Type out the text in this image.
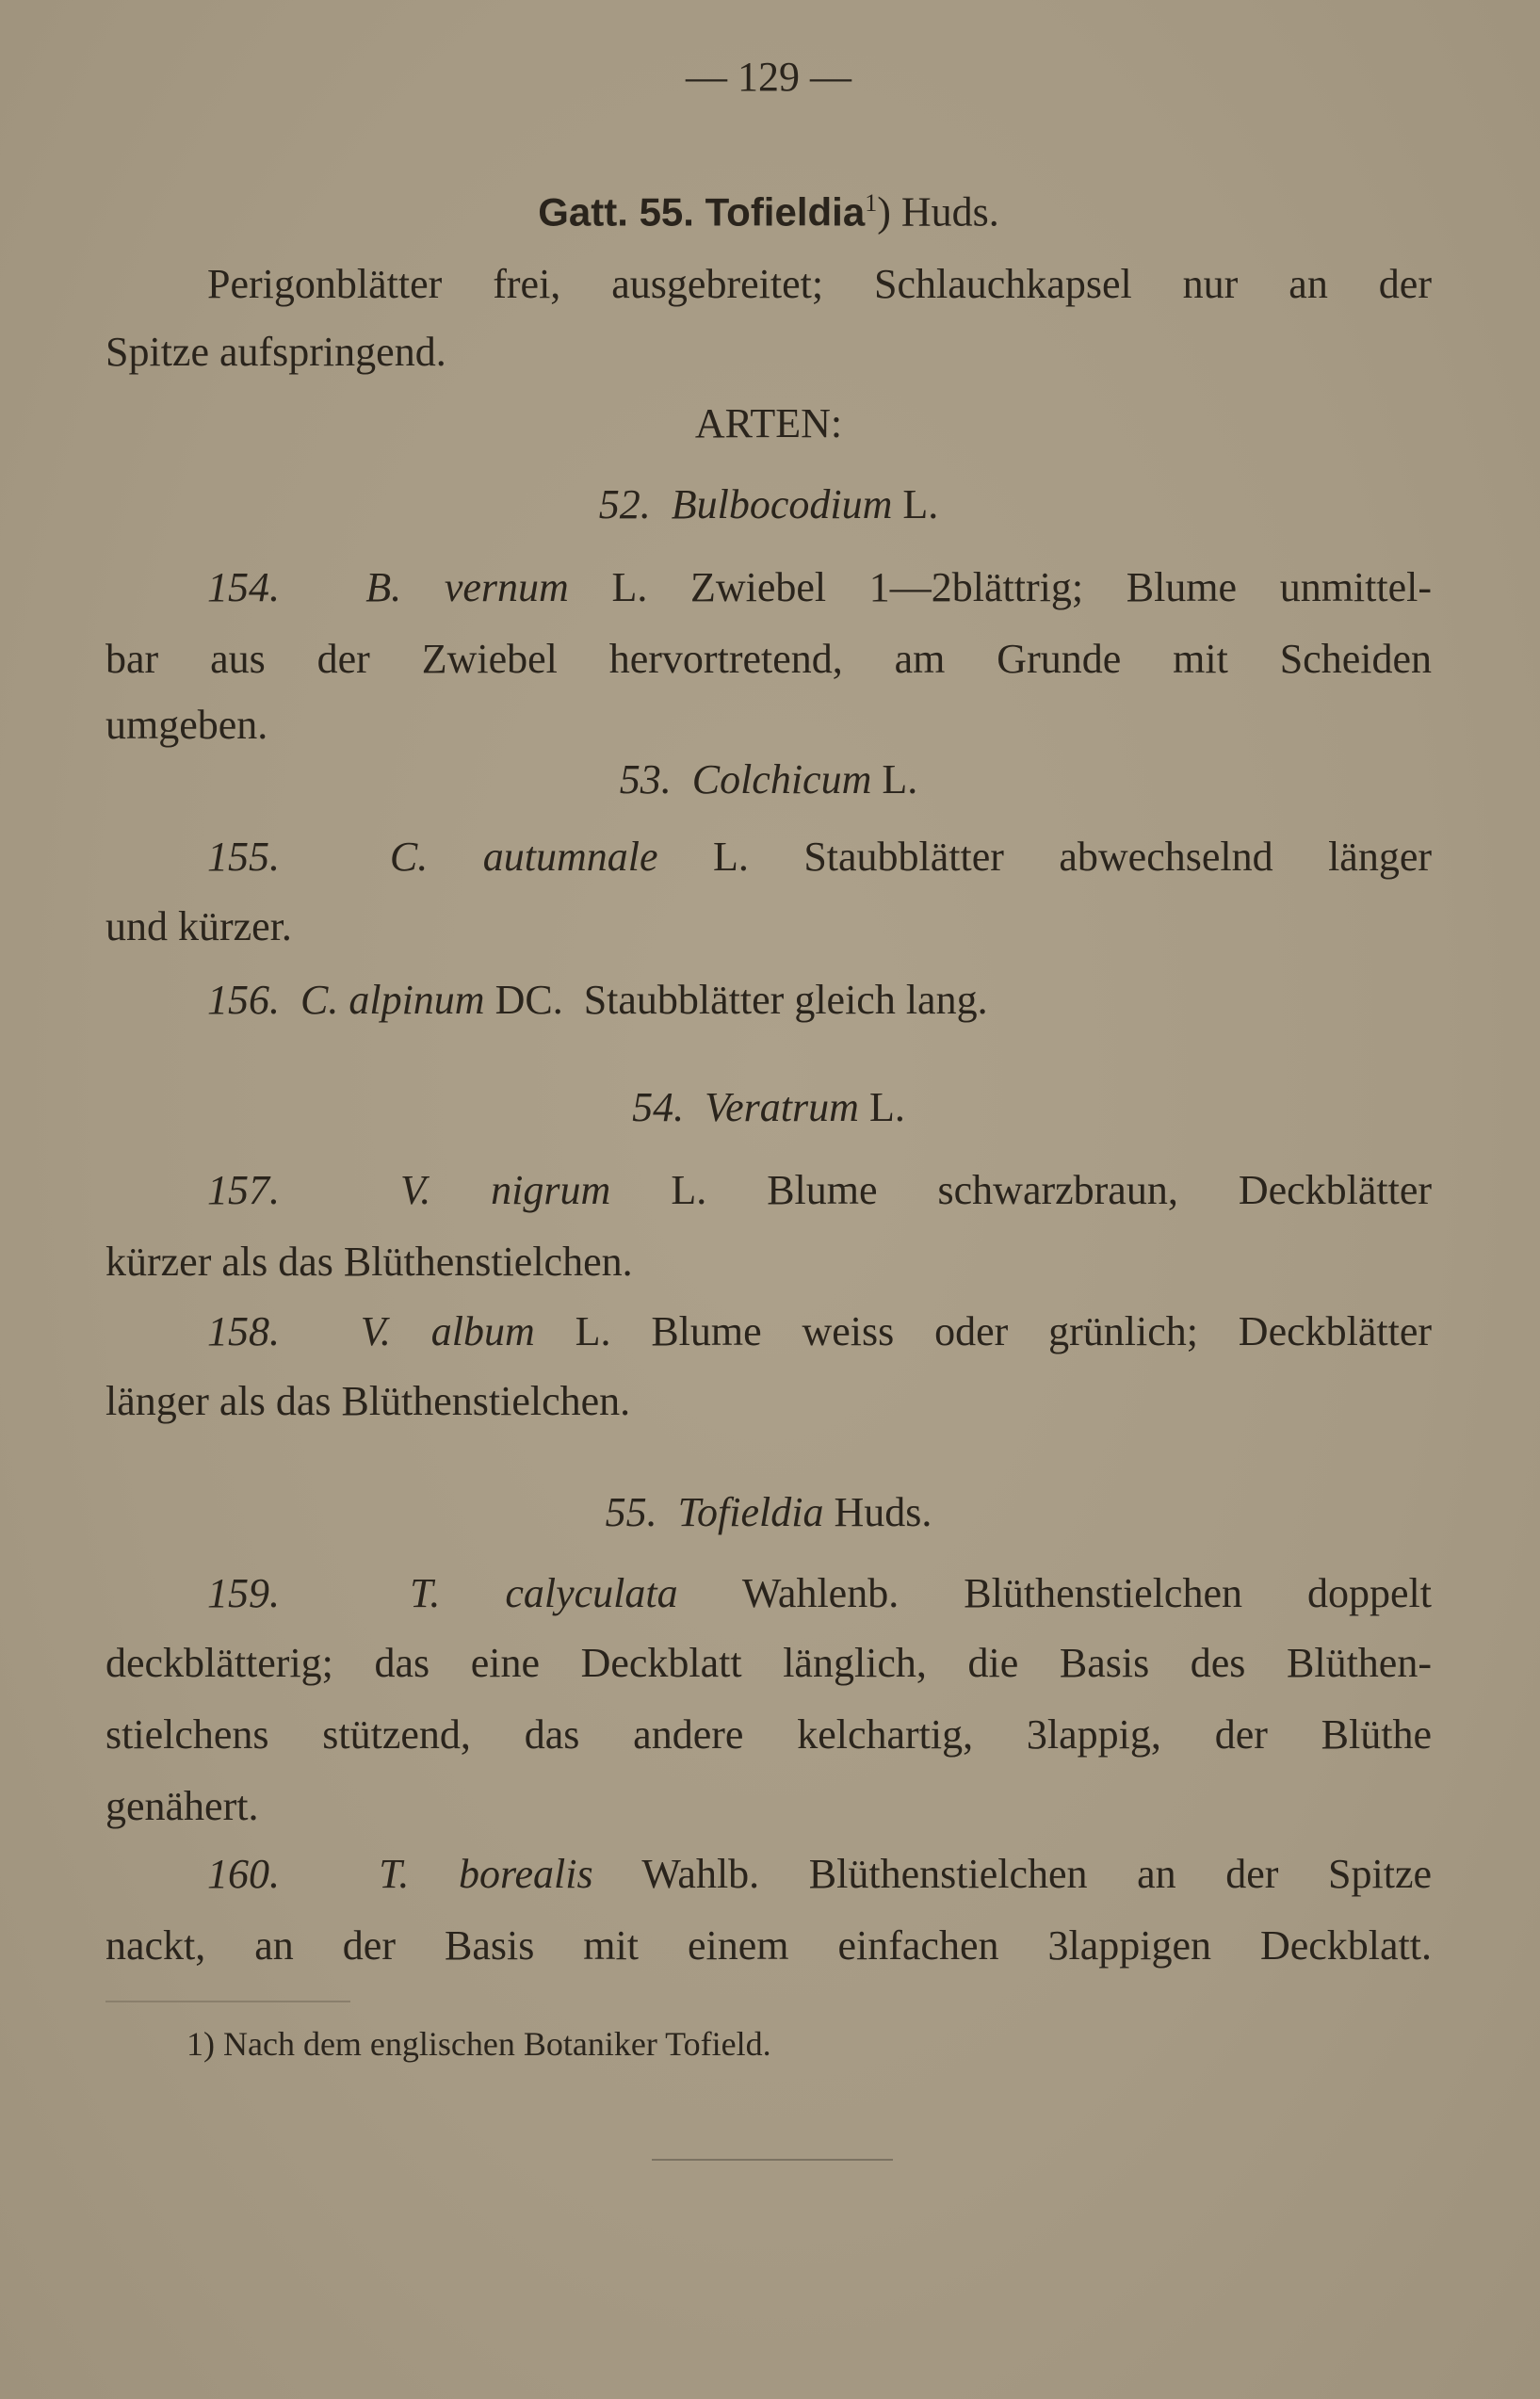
— 129 —
Gatt. 55. Tofieldia$^1$) Huds.
Perigonblätter frei, ausgebreitet; Schlauchkapsel nur an der
Spitze aufspringend.
ARTEN:
52. Bulbocodium L.
154. B. vernum L. Zwiebel 1—2blättrig; Blume unmittel-
bar aus der Zwiebel hervortretend, am Grunde mit Scheiden
umgeben.
53. Colchicum L.
155.	C. autumnale L. Staubblätter abwechselnd länger
und kürzer.
156. C. alpinum DC. Staubblätter gleich lang.
54. Veratrum L.
157.	V. nigrum L. Blume schwarzbraun, Deckblätter
kürzer als das Blüthenstielchen.
158. V. album L. Blume weiss oder grünlich; Deckblätter
länger als das Blüthenstielchen.
55. Tofieldia Huds.
159.	T. calyculata Wahlenb. Blüthenstielchen doppelt
deckblätterig; das eine Deckblatt länglich, die Basis des Blüthen-
stielchens stützend, das andere kelchartig, 3lappig, der Blüthe
genähert.
160. T. borealis Wahlb. Blüthenstielchen an der Spitze
nackt, an der Basis mit einem einfachen 3lappigen Deckblatt.
1) Nach dem englischen Botaniker Tofield.
